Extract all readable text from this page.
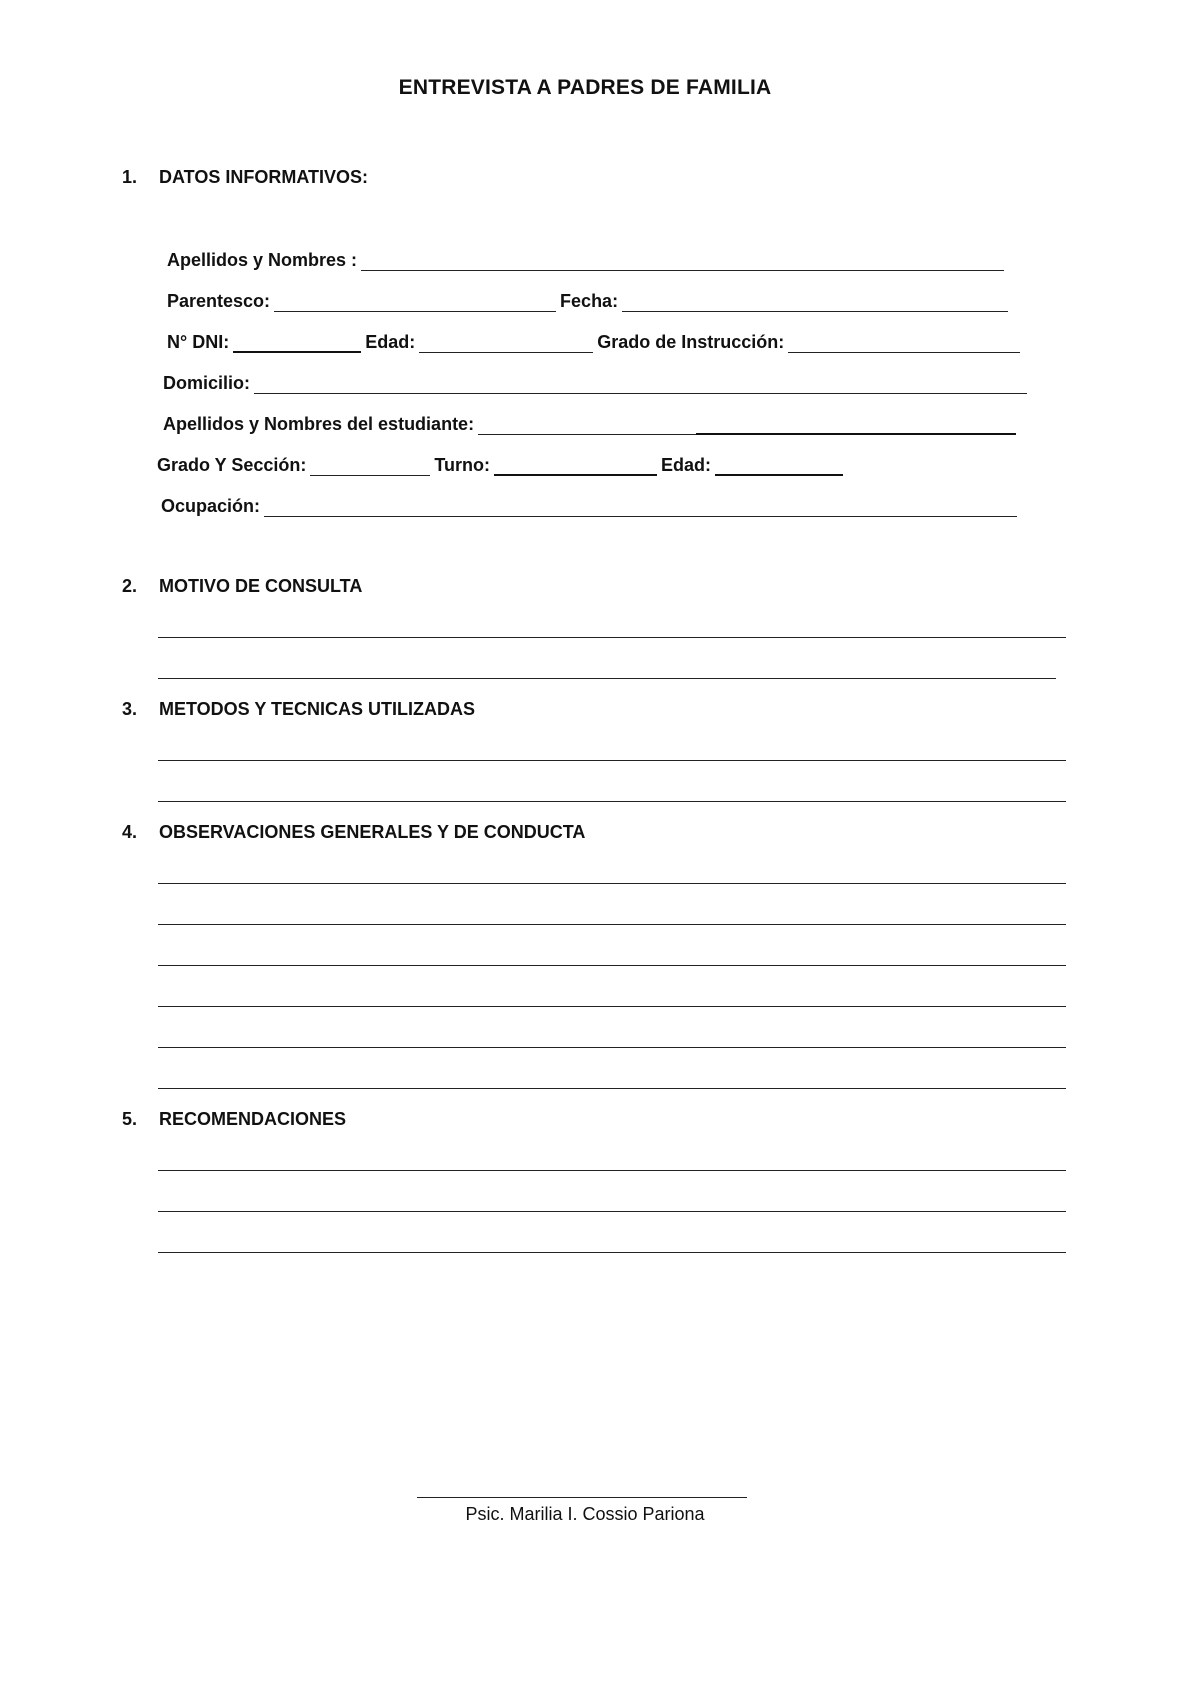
ENTREVISTA A PADRES DE FAMILIA
1.	DATOS INFORMATIVOS:
Apellidos y Nombres :
Parentesco:	Fecha:
N° DNI:	Edad:	Grado de Instrucción:
Domicilio:
Apellidos y Nombres del estudiante:
Grado Y Sección:	Turno:	Edad:
Ocupación:
2.	MOTIVO DE CONSULTA
3.	METODOS Y TECNICAS UTILIZADAS
4.	OBSERVACIONES GENERALES Y DE CONDUCTA
5.	RECOMENDACIONES
Psic. Marilia I. Cossio Pariona
